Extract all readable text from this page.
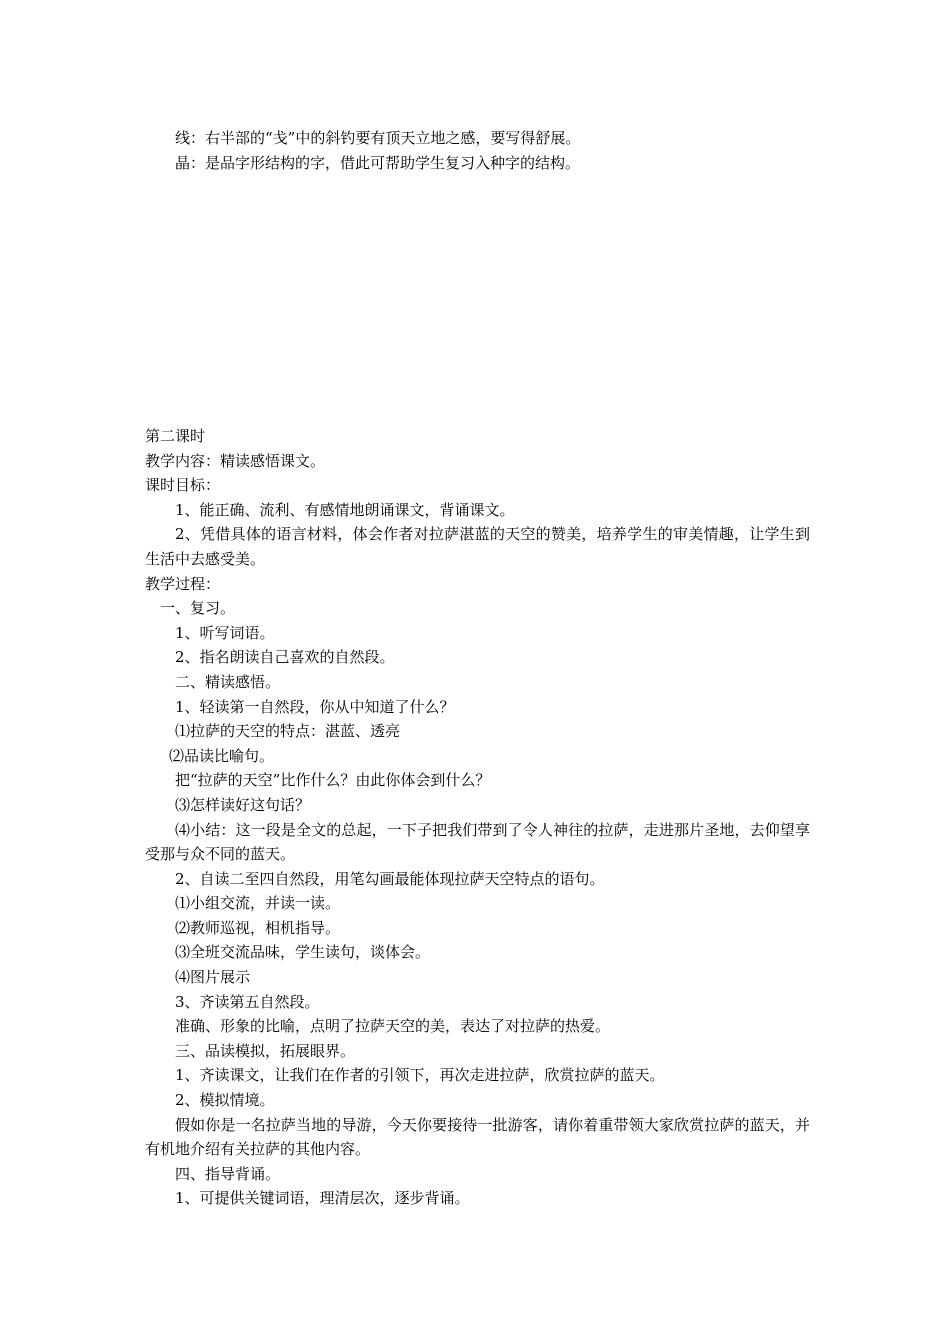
线：右半部的“戋”中的斜钓要有顶天立地之感，要写得舒展。
晶：是品字形结构的字，借此可帮助学生复习入种字的结构。
第二课时
教学内容：精读感悟课文。
课时目标：
1、能正确、流利、有感情地朗诵课文，背诵课文。
2、凭借具体的语言材料，体会作者对拉萨湛蓝的天空的赞美，培养学生的审美情趣，让学生到生活中去感受美。
教学过程：
一、复习。
1、听写词语。
2、指名朗读自己喜欢的自然段。
二、精读感悟。
1、轻读第一自然段，你从中知道了什么？
⑴拉萨的天空的特点：湛蓝、透亮
⑵品读比喻句。
把“拉萨的天空”比作什么？由此你体会到什么？
⑶怎样读好这句话？
⑷小结：这一段是全文的总起，一下子把我们带到了令人神往的拉萨，走进那片圣地，去仰望享受那与众不同的蓝天。
2、自读二至四自然段，用笔勾画最能体现拉萨天空特点的语句。
⑴小组交流，并读一读。
⑵教师巡视，相机指导。
⑶全班交流品味，学生读句，谈体会。
⑷图片展示
3、齐读第五自然段。
准确、形象的比喻，点明了拉萨天空的美，表达了对拉萨的热爱。
三、品读模拟，拓展眼界。
1、齐读课文，让我们在作者的引领下，再次走进拉萨，欣赏拉萨的蓝天。
2、模拟情境。
假如你是一名拉萨当地的导游，今天你要接待一批游客，请你着重带领大家欣赏拉萨的蓝天，并有机地介绍有关拉萨的其他内容。
四、指导背诵。
1、可提供关键词语，理清层次，逐步背诵。
